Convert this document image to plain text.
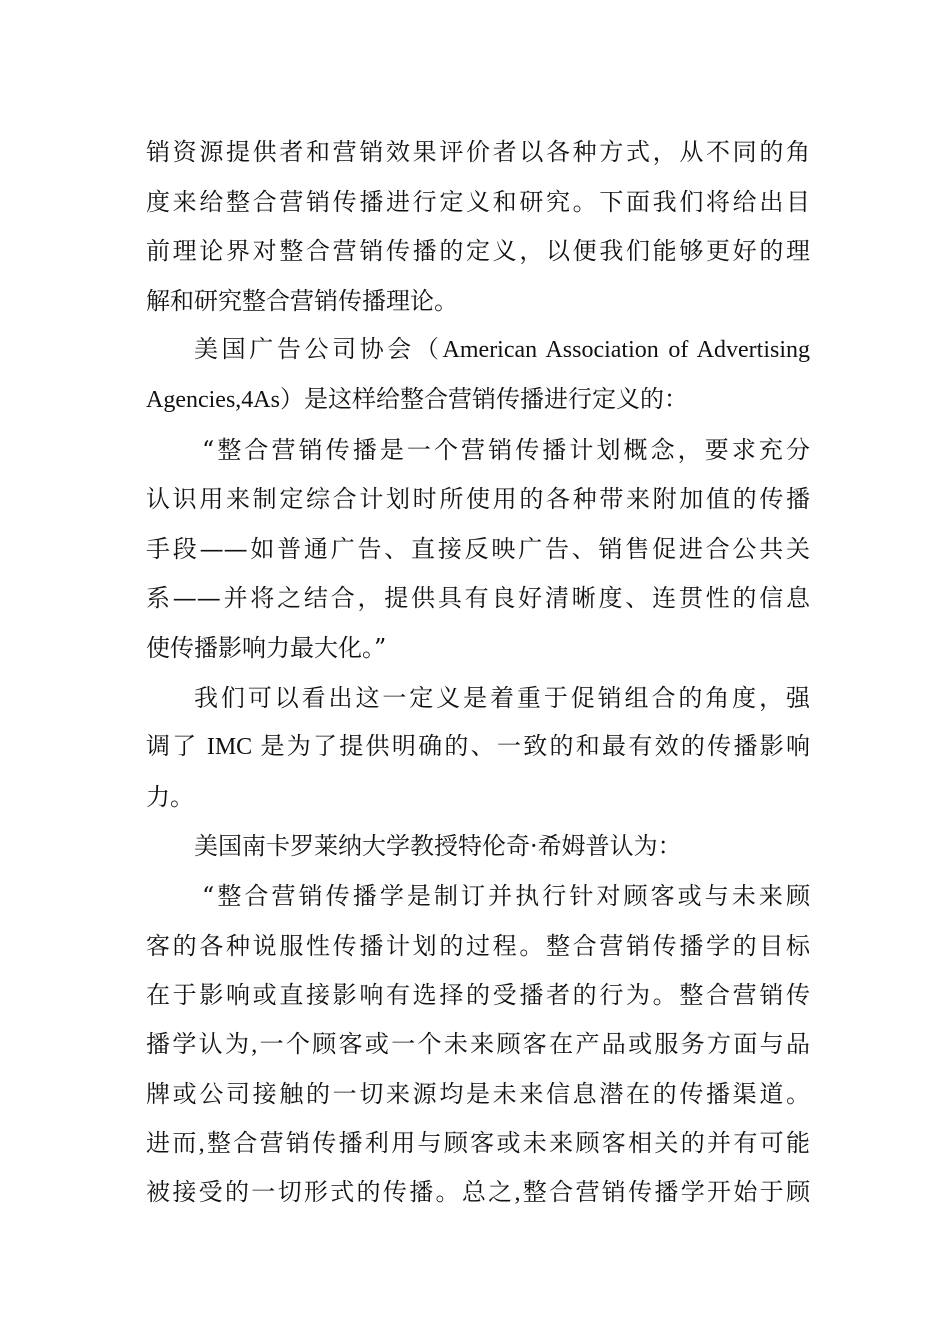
销资源提供者和营销效果评价者以各种方式，从不同的角
度来给整合营销传播进行定义和研究。下面我们将给出目
前理论界对整合营销传播的定义，以便我们能够更好的理
解和研究整合营销传播理论。
美国广告公司协会（American Association of Advertising
Agencies,4As）是这样给整合营销传播进行定义的：
“整合营销传播是一个营销传播计划概念，要求充分
认识用来制定综合计划时所使用的各种带来附加值的传播
手段——如普通广告、直接反映广告、销售促进合公共关
系——并将之结合，提供具有良好清晰度、连贯性的信息
使传播影响力最大化。”
我们可以看出这一定义是着重于促销组合的角度，强
调了 IMC 是为了提供明确的、一致的和最有效的传播影响
力。
美国南卡罗莱纳大学教授特伦奇·希姆普认为：
“整合营销传播学是制订并执行针对顾客或与未来顾
客的各种说服性传播计划的过程。整合营销传播学的目标
在于影响或直接影响有选择的受播者的行为。整合营销传
播学认为,一个顾客或一个未来顾客在产品或服务方面与品
牌或公司接触的一切来源均是未来信息潜在的传播渠道。
进而,整合营销传播利用与顾客或未来顾客相关的并有可能
被接受的一切形式的传播。总之,整合营销传播学开始于顾
